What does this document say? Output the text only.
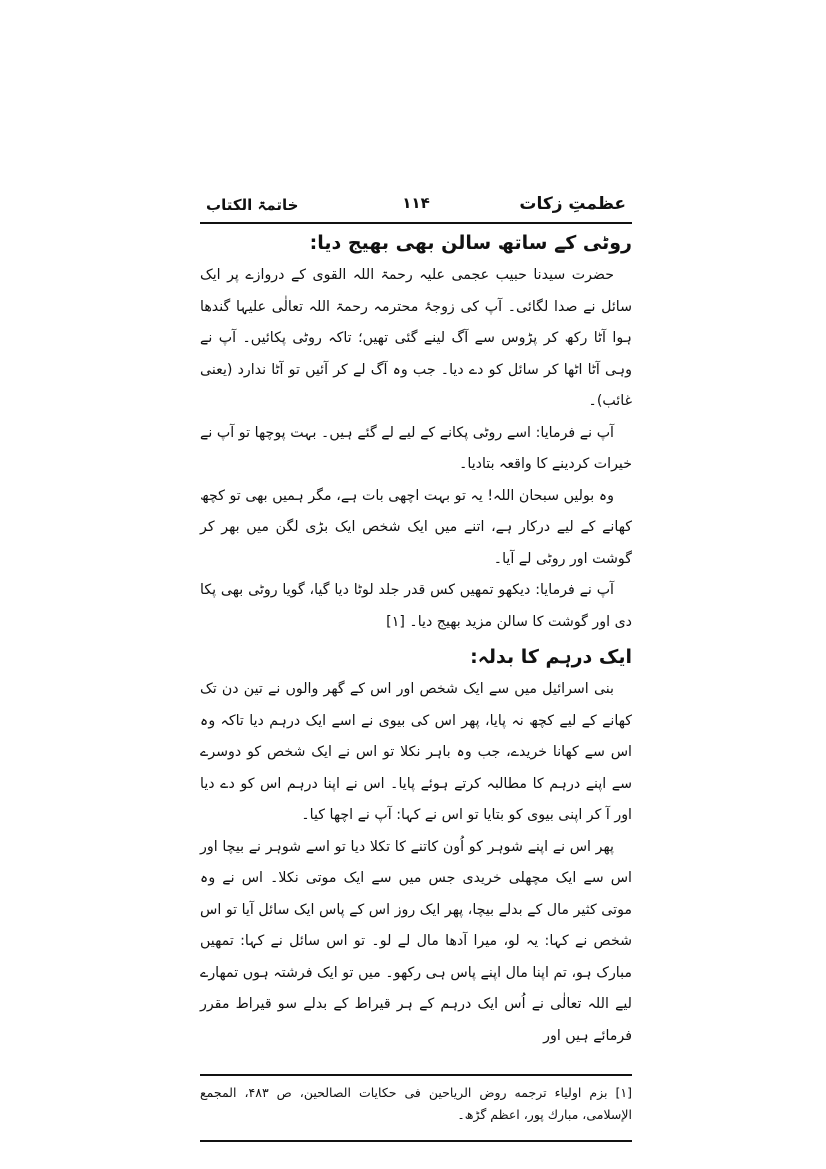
عظمتِ زکات
۱۱۴
خاتمۃ الکتاب
روٹی کے ساتھ سالن بھی بھیج دیا:

حضرت سیدنا حبیب عجمی علیہ رحمۃ اللہ القوی کے دروازے پر ایک سائل نے صدا لگائی۔ آپ کی زوجۂ محترمہ رحمۃ اللہ تعالٰی علیہا گندھا ہوا آٹا رکھ کر پڑوس سے آگ لینے گئی تھیں؛ تاکہ روٹی پکائیں۔ آپ نے وہی آٹا اٹھا کر سائل کو دے دیا۔ جب وہ آگ لے کر آئیں تو آٹا ندارد (یعنی غائب)۔

آپ نے فرمایا: اسے روٹی پکانے کے لیے لے گئے ہیں۔ بہت پوچھا تو آپ نے خیرات کردینے کا واقعہ بتادیا۔

وہ بولیں سبحان اللہ! یہ تو بہت اچھی بات ہے، مگر ہمیں بھی تو کچھ کھانے کے لیے درکار ہے، اتنے میں ایک شخص ایک بڑی لگن میں بھر کر گوشت اور روٹی لے آیا۔

آپ نے فرمایا: دیکھو تمھیں کس قدر جلد لوٹا دیا گیا، گویا روٹی بھی پکا دی اور گوشت کا سالن مزید بھیج دیا۔ [۱]

ایک درہم کا بدلہ:

بنی اسرائیل میں سے ایک شخص اور اس کے گھر والوں نے تین دن تک کھانے کے لیے کچھ نہ پایا، پھر اس کی بیوی نے اسے ایک درہم دیا تاکہ وہ اس سے کھانا خریدے، جب وہ باہر نکلا تو اس نے ایک شخص کو دوسرے سے اپنے درہم کا مطالبہ کرتے ہوئے پایا۔ اس نے اپنا درہم اس کو دے دیا اور آ کر اپنی بیوی کو بتایا تو اس نے کہا: آپ نے اچھا کیا۔

پھر اس نے اپنے شوہر کو اُون کاتنے کا تکلا دیا تو اسے شوہر نے بیچا اور اس سے ایک مچھلی خریدی جس میں سے ایک موتی نکلا۔ اس نے وہ موتی کثیر مال کے بدلے بیچا، پھر ایک روز اس کے پاس ایک سائل آیا تو اس شخص نے کہا: یہ لو، میرا آدھا مال لے لو۔ تو اس سائل نے کہا: تمھیں مبارک ہو، تم اپنا مال اپنے پاس ہی رکھو۔ میں تو ایک فرشتہ ہوں تمھارے لیے اللہ تعالٰی نے اُس ایک درہم کے ہر قیراط کے بدلے سو قیراط مقرر فرمائے ہیں اور

[۱] بزم اولیاء ترجمه روض الریاحین فی حکایات الصالحین، ص ۴۸۳، المجمع الإسلامی، مبارك پور، اعظم گڑھ۔
